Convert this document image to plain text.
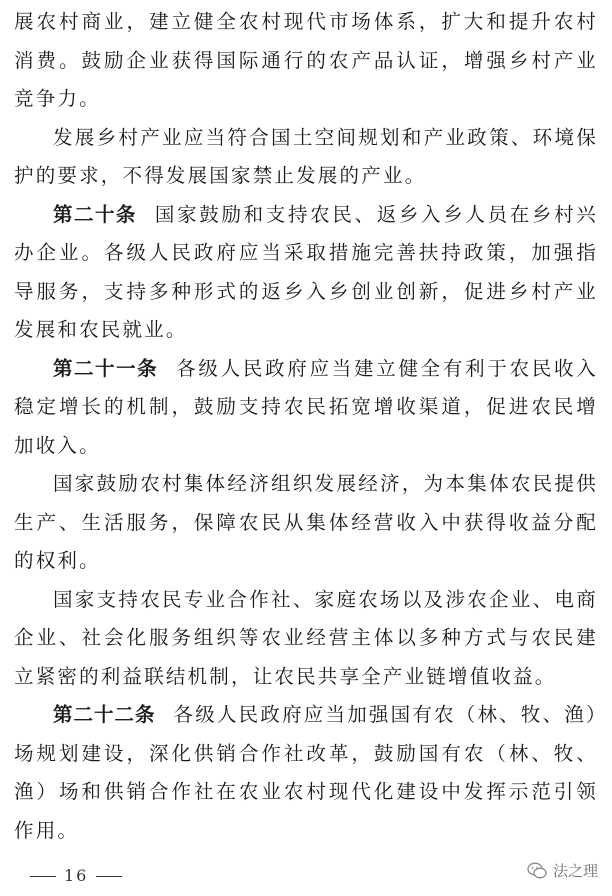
展农村商业，建立健全农村现代市场体系，扩大和提升农村消费。鼓励企业获得国际通行的农产品认证，增强乡村产业竞争力。

发展乡村产业应当符合国土空间规划和产业政策、环境保护的要求，不得发展国家禁止发展的产业。

第二十条 国家鼓励和支持农民、返乡入乡人员在乡村兴办企业。各级人民政府应当采取措施完善扶持政策，加强指导服务，支持多种形式的返乡入乡创业创新，促进乡村产业发展和农民就业。

第二十一条 各级人民政府应当建立健全有利于农民收入稳定增长的机制，鼓励支持农民拓宽增收渠道，促进农民增加收入。

国家鼓励农村集体经济组织发展经济，为本集体农民提供生产、生活服务，保障农民从集体经营收入中获得收益分配的权利。

国家支持农民专业合作社、家庭农场以及涉农企业、电商企业、社会化服务组织等农业经营主体以多种方式与农民建立紧密的利益联结机制，让农民共享全产业链增值收益。

第二十二条 各级人民政府应当加强国有农（林、牧、渔）场规划建设，深化供销合作社改革，鼓励国有农（林、牧、渔）场和供销合作社在农业农村现代化建设中发挥示范引领作用。

16	法之理
